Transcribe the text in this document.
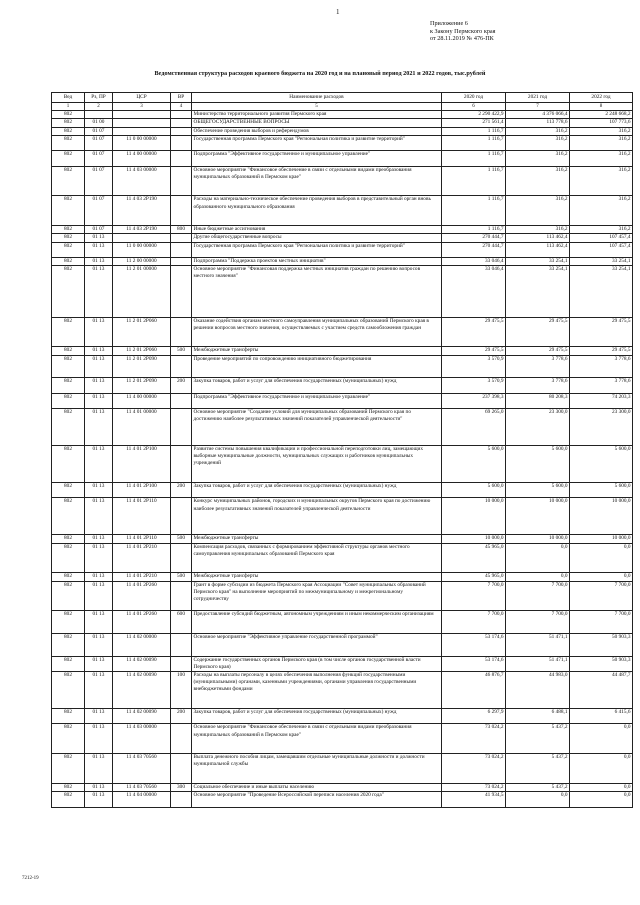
1
Приложение 6
к Закону Пермского края
от 28.11.2019 № 476-ПК
Ведомственная структура расходов краевого бюджета на 2020 год и на плановый период 2021 и 2022 годов, тыс.рублей
Вед	Рз, ПР	ЦСР	ВР	Наименование расходов	2020 год	2021 год	2022 год
1	2	3	4	5	6	7	8
802				Министерство территориального развития Пермского края	2 290 422,9	4 376 066,4	2 248 668,2
802	01 00			ОБЩЕГОСУДАРСТВЕННЫЕ ВОПРОСЫ	271 561,4	113 778,6	107 773,6
802	01 07			Обеспечение проведения выборов и референдумов	1 116,7	316,2	316,2
802	01 07	11 0 00 00000		Государственная программа Пермского края "Региональная политика и развитие территорий"	1 116,7	316,2	316,2
802	01 07	11 4 00 00000		Подпрограмма "Эффективное государственное и муниципальное управление"	1 116,7	316,2	316,2
802	01 07	11 4 03 00000		Основное мероприятие "Финансовое обеспечение в связи с отдельными видами преобразования муниципальных образований в Пермском крае"	1 116,7	316,2	316,2
802	01 07	11 4 03 2P190		Расходы на материально-техническое обеспечение проведения выборов в представительный орган вновь образованного муниципального образования	1 116,7	316,2	316,2
802	01 07	11 4 03 2P190	800	Иные бюджетные ассигнования	1 116,7	316,2	316,2
802	01 13			Другие общегосударственные вопросы	270 444,7	113 462,4	107 457,4
802	01 13	11 0 00 00000		Государственная программа Пермского края "Региональная политика и развитие территорий"	270 444,7	113 462,4	107 457,4
802	01 13	11 2 00 00000		Подпрограмма "Поддержка проектов местных инициатив"	33 046,4	33 254,1	33 254,1
802	01 13	11 2 01 00000		Основное мероприятие "Финансовая поддержка местных инициатив граждан по решению вопросов местного значения"	33 046,4	33 254,1	33 254,1
802	01 13	11 2 01 2P060		Оказание содействия органам местного самоуправления муниципальных образований Пермского края в решении вопросов местного значения, осуществляемых с участием средств самообложения граждан	29 475,5	29 475,5	29 475,5
802	01 13	11 2 01 2P060	500	Межбюджетные трансферты	29 475,5	29 475,5	29 475,5
802	01 13	11 2 01 2P090		Проведение мероприятий по сопровождению инициативного бюджетирования	3 570,9	3 778,6	3 778,6
802	01 13	11 2 01 2P090	200	Закупка товаров, работ и услуг для обеспечения государственных (муниципальных) нужд	3 570,9	3 778,6	3 778,6
802	01 13	11 4 00 00000		Подпрограмма "Эффективное государственное и муниципальное управление"	237 398,3	80 208,3	74 203,3
802	01 13	11 4 01 00000		Основное мероприятие "Создание условий для муниципальных образований Пермского края по достижению наиболее результативных значений показателей управленческой деятельности"	69 265,0	23 300,0	23 300,0
802	01 13	11 4 01 2P100		Развитие системы повышения квалификации и профессиональной переподготовки лиц, замещающих выборные муниципальные должности, муниципальных служащих и работников муниципальных учреждений	5 600,0	5 600,0	5 600,0
802	01 13	11 4 01 2P100	200	Закупка товаров, работ и услуг для обеспечения государственных (муниципальных) нужд	5 600,0	5 600,0	5 600,0
802	01 13	11 4 01 2P110		Конкурс муниципальных районов, городских и муниципальных округов Пермского края по достижению наиболее результативных значений показателей управленческой деятельности	10 000,0	10 000,0	10 000,0
802	01 13	11 4 01 2P110	500	Межбюджетные трансферты	10 000,0	10 000,0	10 000,0
802	01 13	11 4 01 2P210		Компенсация расходов, связанных с формированием эффективной структуры органов местного самоуправления муниципальных образований Пермского края	45 965,0	0,0	0,0
802	01 13	11 4 01 2P210	500	Межбюджетные трансферты	45 965,0	0,0	0,0
802	01 13	11 4 01 2P260		Грант в форме субсидии из бюджета Пермского края Ассоциации "Совет муниципальных образований Пермского края" на выполнение мероприятий по межмуниципальному и межрегиональному сотрудничеству	7 700,0	7 700,0	7 700,0
802	01 13	11 4 01 2P260	600	Предоставление субсидий бюджетным, автономным учреждениям и иным некоммерческим организациям	7 700,0	7 700,0	7 700,0
802	01 13	11 4 02 00000		Основное мероприятие "Эффективное управление государственной программой"	53 174,6	51 471,1	50 903,3
802	01 13	11 4 02 00090		Содержание государственных органов Пермского края (в том числе органов государственной власти Пермского края)	53 174,6	51 471,1	50 903,3
802	01 13	11 4 02 00090	100	Расходы на выплаты персоналу в целях обеспечения выполнения функций государственными (муниципальными) органами, казенными учреждениями, органами управления государственными внебюджетными фондами	46 876,7	44 983,0	44 487,7
802	01 13	11 4 02 00090	200	Закупка товаров, работ и услуг для обеспечения государственных (муниципальных) нужд	6 297,9	6 488,1	6 415,6
802	01 13	11 4 03 00000		Основное мероприятие "Финансовое обеспечение в связи с отдельными видами преобразования муниципальных образований в Пермском крае"	73 024,2	5 437,2	0,0
802	01 13	11 4 03 70560		Выплата денежного пособия лицам, замещавшим отдельные муниципальные должности и должности муниципальной службы	73 024,2	5 437,2	0,0
802	01 13	11 4 03 70560	300	Социальное обеспечение и иные выплаты населению	73 024,2	5 437,2	0,0
802	01 13	11 4 04 00000		Основное мероприятие "Проведение Всероссийской переписи населения 2020 года"	41 934,5	0,0	0,0
7212-19
